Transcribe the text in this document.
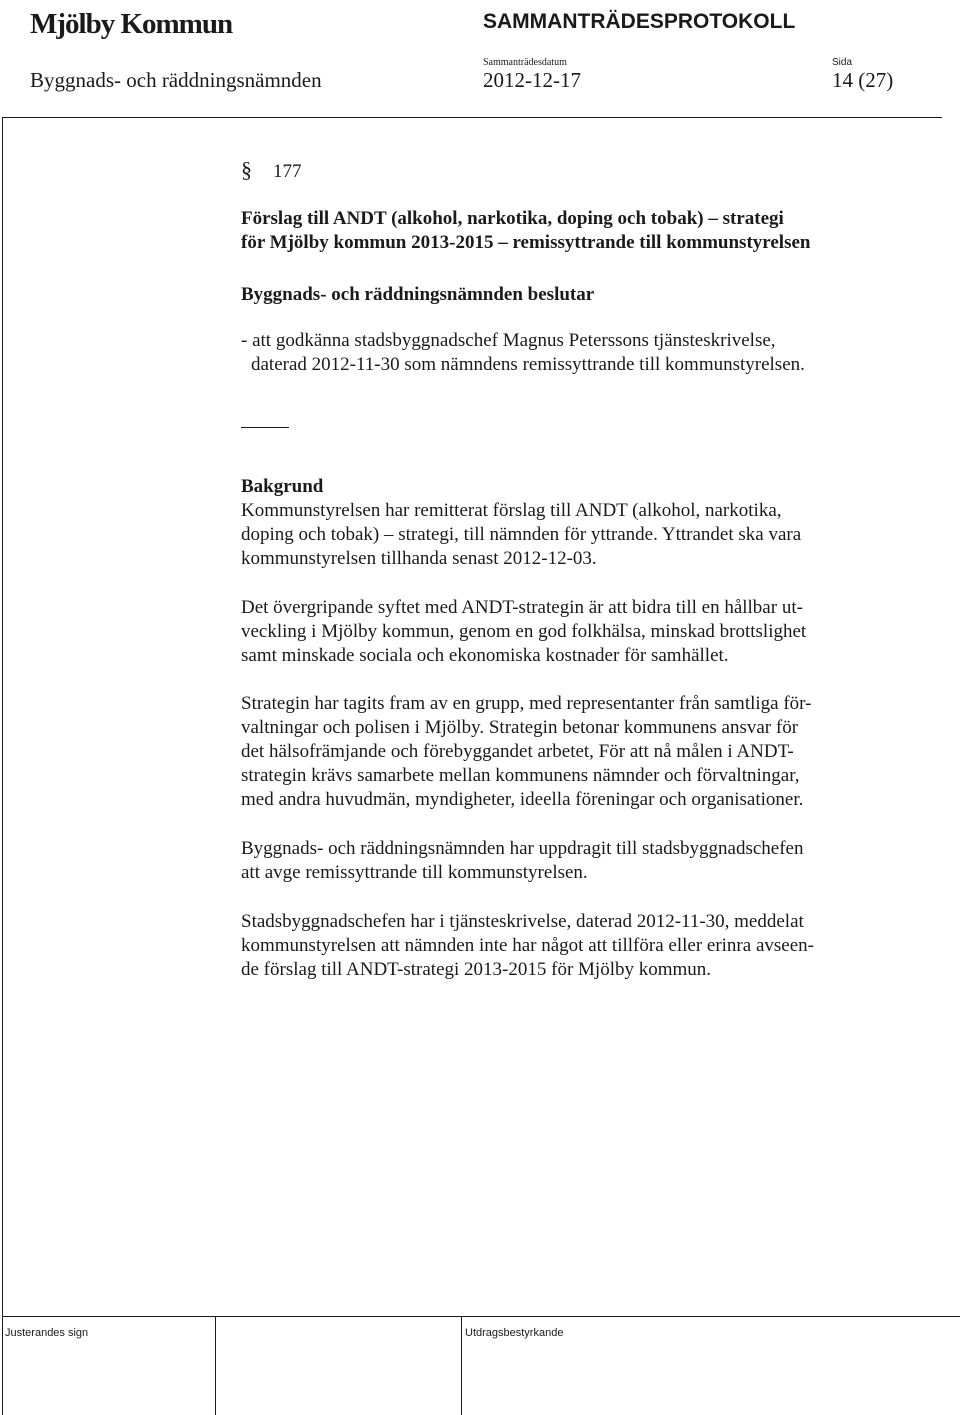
Mjölby Kommun	SAMMANTRÄDESPROTOKOLL
Byggnads- och räddningsnämnden
Sammanträdesdatum
2012-12-17
Sida
14 (27)
§ 177
Förslag till ANDT (alkohol, narkotika, doping och tobak) – strategi
för Mjölby kommun 2013-2015 – remissyttrande till kommunstyrelsen
Byggnads- och räddningsnämnden beslutar
- att godkänna stadsbyggnadschef Magnus Peterssons tjänsteskrivelse,
daterad 2012-11-30 som nämndens remissyttrande till kommunstyrelsen.
Bakgrund
Kommunstyrelsen har remitterat förslag till ANDT (alkohol, narkotika,
doping och tobak) – strategi, till nämnden för yttrande. Yttrandet ska vara
kommunstyrelsen tillhanda senast 2012-12-03.
Det övergripande syftet med ANDT-strategin är att bidra till en hållbar ut-
veckling i Mjölby kommun, genom en god folkhälsa, minskad brottslighet
samt minskade sociala och ekonomiska kostnader för samhället.
Strategin har tagits fram av en grupp, med representanter från samtliga för-
valtningar och polisen i Mjölby. Strategin betonar kommunens ansvar för
det hälsofrämjande och förebyggandet arbetet, För att nå målen i ANDT-
strategin krävs samarbete mellan kommunens nämnder och förvaltningar,
med andra huvudmän, myndigheter, ideella föreningar och organisationer.
Byggnads- och räddningsnämnden har uppdragit till stadsbyggnadschefen
att avge remissyttrande till kommunstyrelsen.
Stadsbyggnadschefen har i tjänsteskrivelse, daterad 2012-11-30, meddelat
kommunstyrelsen att nämnden inte har något att tillföra eller erinra avseen-
de förslag till ANDT-strategi 2013-2015 för Mjölby kommun.
Justerandes sign	Utdragsbestyrkande
